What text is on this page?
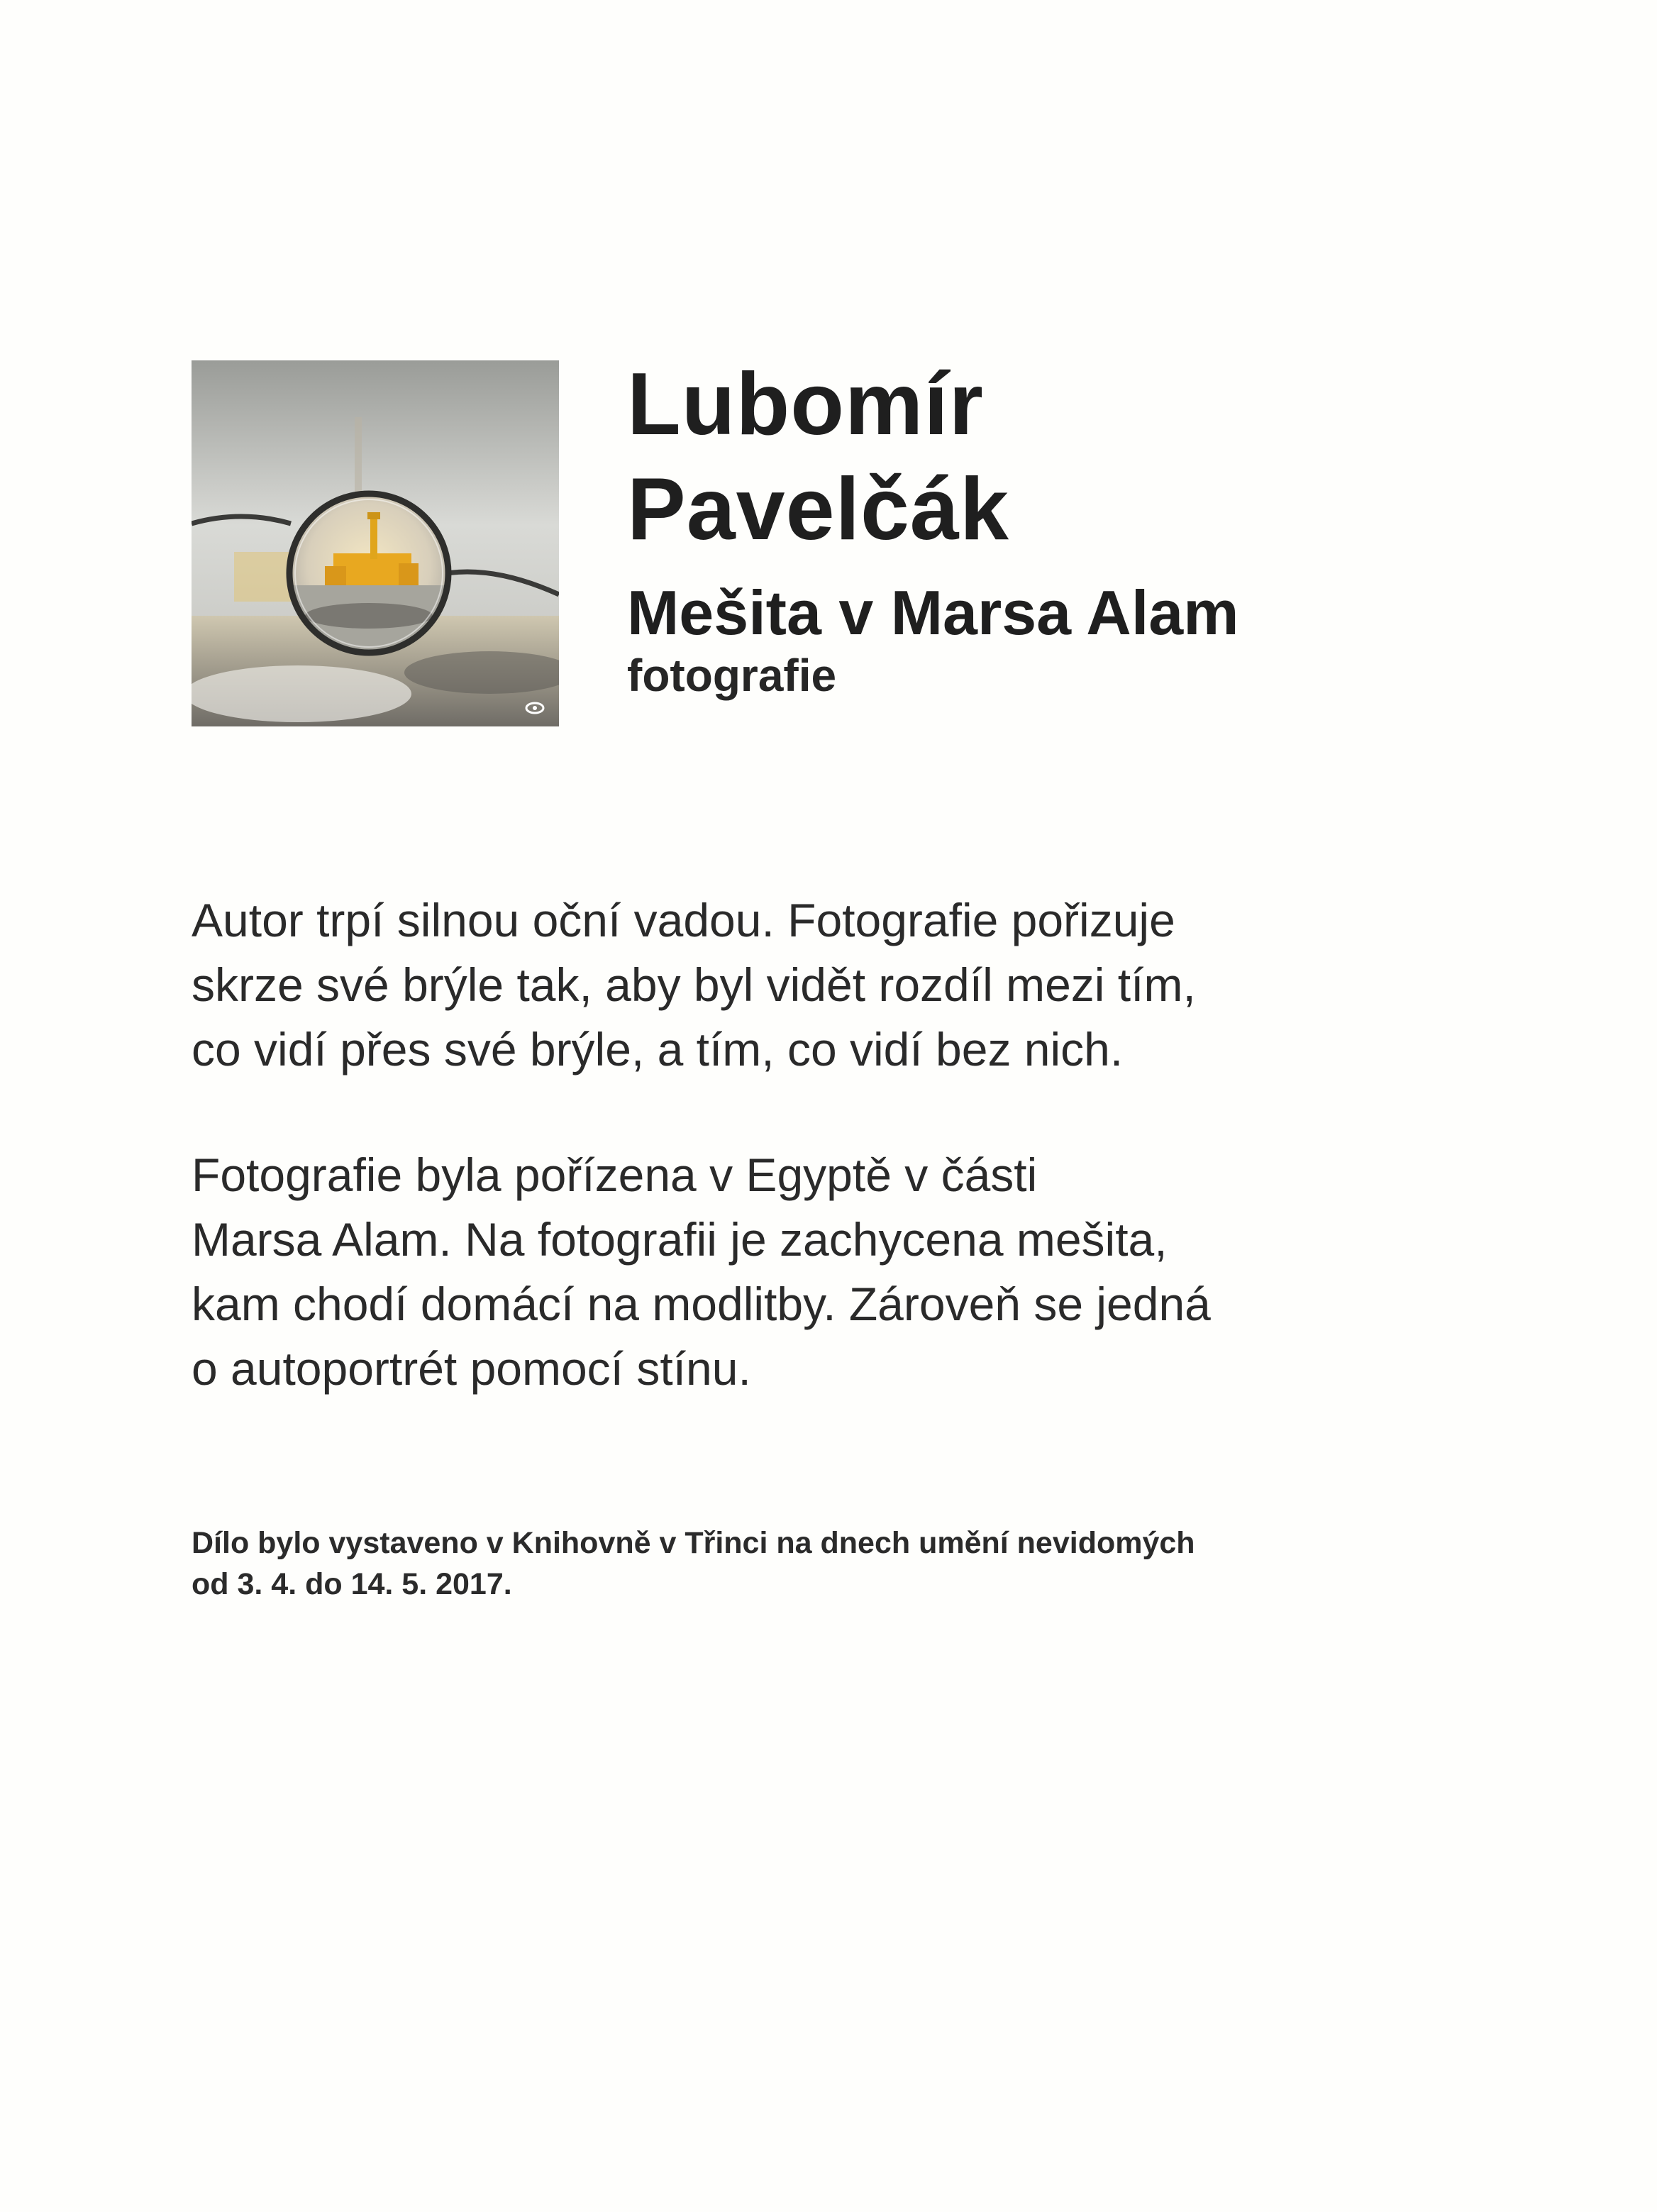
Lubomír

Pavelčák

Mešita v Marsa Alam

fotografie

Autor trpí silnou oční vadou. Fotografie pořizuje
skrze své brýle tak, aby byl vidět rozdíl mezi tím,
co vidí přes své brýle, a tím, co vidí bez nich.

Fotografie byla pořízena v Egyptě v části
Marsa Alam. Na fotografii je zachycena mešita,
kam chodí domácí na modlitby. Zároveň se jedná
o autoportrét pomocí stínu.

Dílo bylo vystaveno v Knihovně v Třinci na dnech umění nevidomých
od 3. 4. do 14. 5. 2017.
